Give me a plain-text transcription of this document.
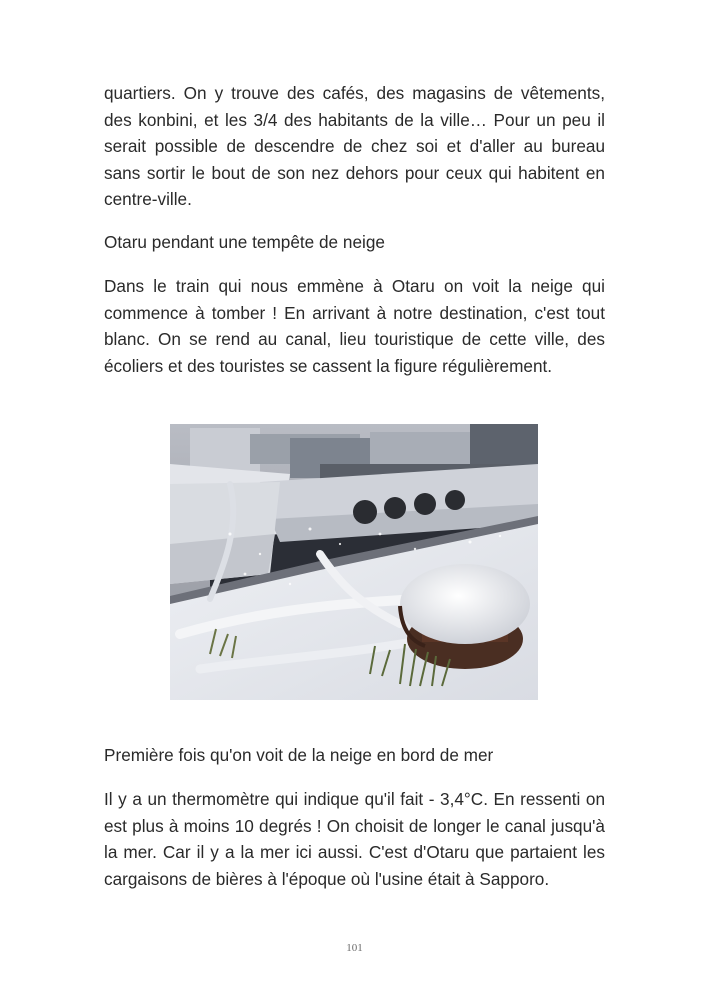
quartiers. On y trouve des cafés, des magasins de vêtements, des konbini, et les 3/4 des habitants de la ville… Pour un peu il serait possible de descendre de chez soi et d'aller au bureau sans sortir le bout de son nez dehors pour ceux qui habitent en centre-ville.

Otaru pendant une tempête de neige

Dans le train qui nous emmène à Otaru on voit la neige qui commence à tomber ! En arrivant à notre destination, c'est tout blanc. On se rend au canal, lieu touristique de cette ville, des écoliers et des touristes se cassent la figure régulièrement.

Première fois qu'on voit de la neige en bord de mer

Il y a un thermomètre qui indique qu'il fait - 3,4°C. En ressenti on est plus à moins 10 degrés ! On choisit de longer le canal jusqu'à la mer. Car il y a la mer ici aussi. C'est d'Otaru que partaient les cargaisons de bières à l'époque où l'usine était à Sapporo.

101
